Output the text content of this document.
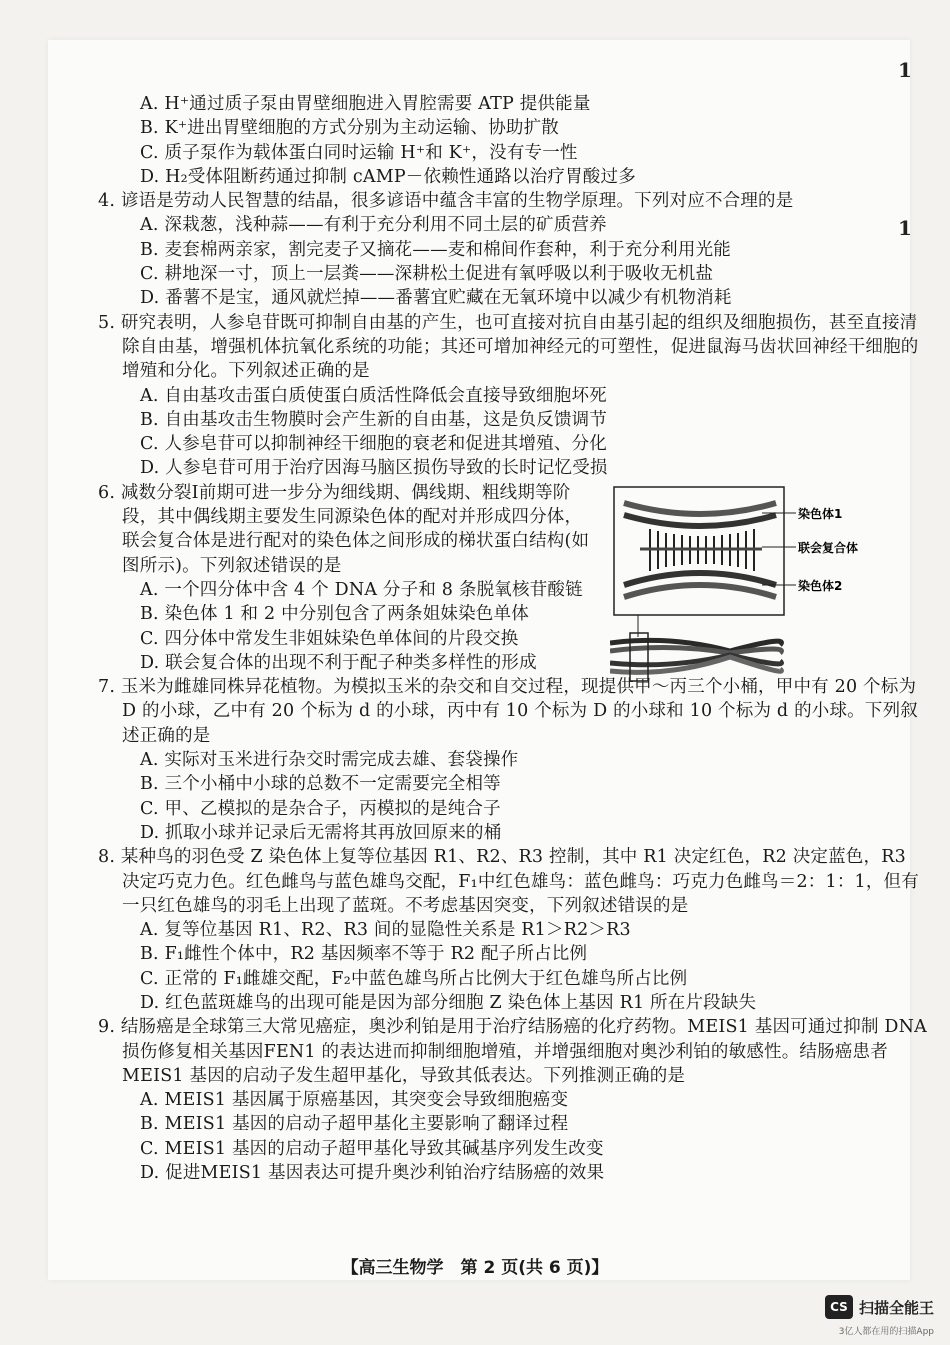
A. H⁺通过质子泵由胃壁细胞进入胃腔需要 ATP 提供能量

B. K⁺进出胃壁细胞的方式分别为主动运输、协助扩散

C. 质子泵作为载体蛋白同时运输 H⁺和 K⁺，没有专一性

D. H₂受体阻断药通过抑制 cAMP－依赖性通路以治疗胃酸过多

4. 谚语是劳动人民智慧的结晶，很多谚语中蕴含丰富的生物学原理。下列对应不合理的是

A. 深栽葱，浅种蒜——有利于充分利用不同土层的矿质营养

B. 麦套棉两亲家，割完麦子又摘花——麦和棉间作套种，利于充分利用光能

C. 耕地深一寸，顶上一层粪——深耕松土促进有氧呼吸以利于吸收无机盐

D. 番薯不是宝，通风就烂掉——番薯宜贮藏在无氧环境中以减少有机物消耗

5. 研究表明，人参皂苷既可抑制自由基的产生，也可直接对抗自由基引起的组织及细胞损伤，甚至直接清除自由基，增强机体抗氧化系统的功能；其还可增加神经元的可塑性，促进鼠海马齿状回神经干细胞的增殖和分化。下列叙述正确的是

A. 自由基攻击蛋白质使蛋白质活性降低会直接导致细胞坏死

B. 自由基攻击生物膜时会产生新的自由基，这是负反馈调节

C. 人参皂苷可以抑制神经干细胞的衰老和促进其增殖、分化

D. 人参皂苷可用于治疗因海马脑区损伤导致的长时记忆受损

6. 减数分裂Ⅰ前期可进一步分为细线期、偶线期、粗线期等阶段，其中偶线期主要发生同源染色体的配对并形成四分体，联会复合体是进行配对的染色体之间形成的梯状蛋白结构(如图所示)。下列叙述错误的是

A. 一个四分体中含 4 个 DNA 分子和 8 条脱氧核苷酸链

B. 染色体 1 和 2 中分别包含了两条姐妹染色单体

C. 四分体中常发生非姐妹染色单体间的片段交换

D. 联会复合体的出现不利于配子种类多样性的形成

染色体1
联会复合体
染色体2

7. 玉米为雌雄同株异花植物。为模拟玉米的杂交和自交过程，现提供甲～丙三个小桶，甲中有 20 个标为 D 的小球，乙中有 20 个标为 d 的小球，丙中有 10 个标为 D 的小球和 10 个标为 d 的小球。下列叙述正确的是

A. 实际对玉米进行杂交时需完成去雄、套袋操作

B. 三个小桶中小球的总数不一定需要完全相等

C. 甲、乙模拟的是杂合子，丙模拟的是纯合子

D. 抓取小球并记录后无需将其再放回原来的桶

8. 某种鸟的羽色受 Z 染色体上复等位基因 R1、R2、R3 控制，其中 R1 决定红色，R2 决定蓝色，R3 决定巧克力色。红色雌鸟与蓝色雄鸟交配，F₁中红色雄鸟：蓝色雌鸟：巧克力色雌鸟＝2：1：1，但有一只红色雄鸟的羽毛上出现了蓝斑。不考虑基因突变，下列叙述错误的是

A. 复等位基因 R1、R2、R3 间的显隐性关系是 R1＞R2＞R3

B. F₁雌性个体中，R2 基因频率不等于 R2 配子所占比例

C. 正常的 F₁雌雄交配，F₂中蓝色雄鸟所占比例大于红色雄鸟所占比例

D. 红色蓝斑雄鸟的出现可能是因为部分细胞 Z 染色体上基因 R1 所在片段缺失

9. 结肠癌是全球第三大常见癌症，奥沙利铂是用于治疗结肠癌的化疗药物。MEIS1 基因可通过抑制 DNA 损伤修复相关基因FEN1 的表达进而抑制细胞增殖，并增强细胞对奥沙利铂的敏感性。结肠癌患者MEIS1 基因的启动子发生超甲基化，导致其低表达。下列推测正确的是

A. MEIS1 基因属于原癌基因，其突变会导致细胞癌变

B. MEIS1 基因的启动子超甲基化主要影响了翻译过程

C. MEIS1 基因的启动子超甲基化导致其碱基序列发生改变

D. 促进MEIS1 基因表达可提升奥沙利铂治疗结肠癌的效果

1
1
【高三生物学　第 2 页(共 6 页)】
CS 扫描全能王
3亿人都在用的扫描App
